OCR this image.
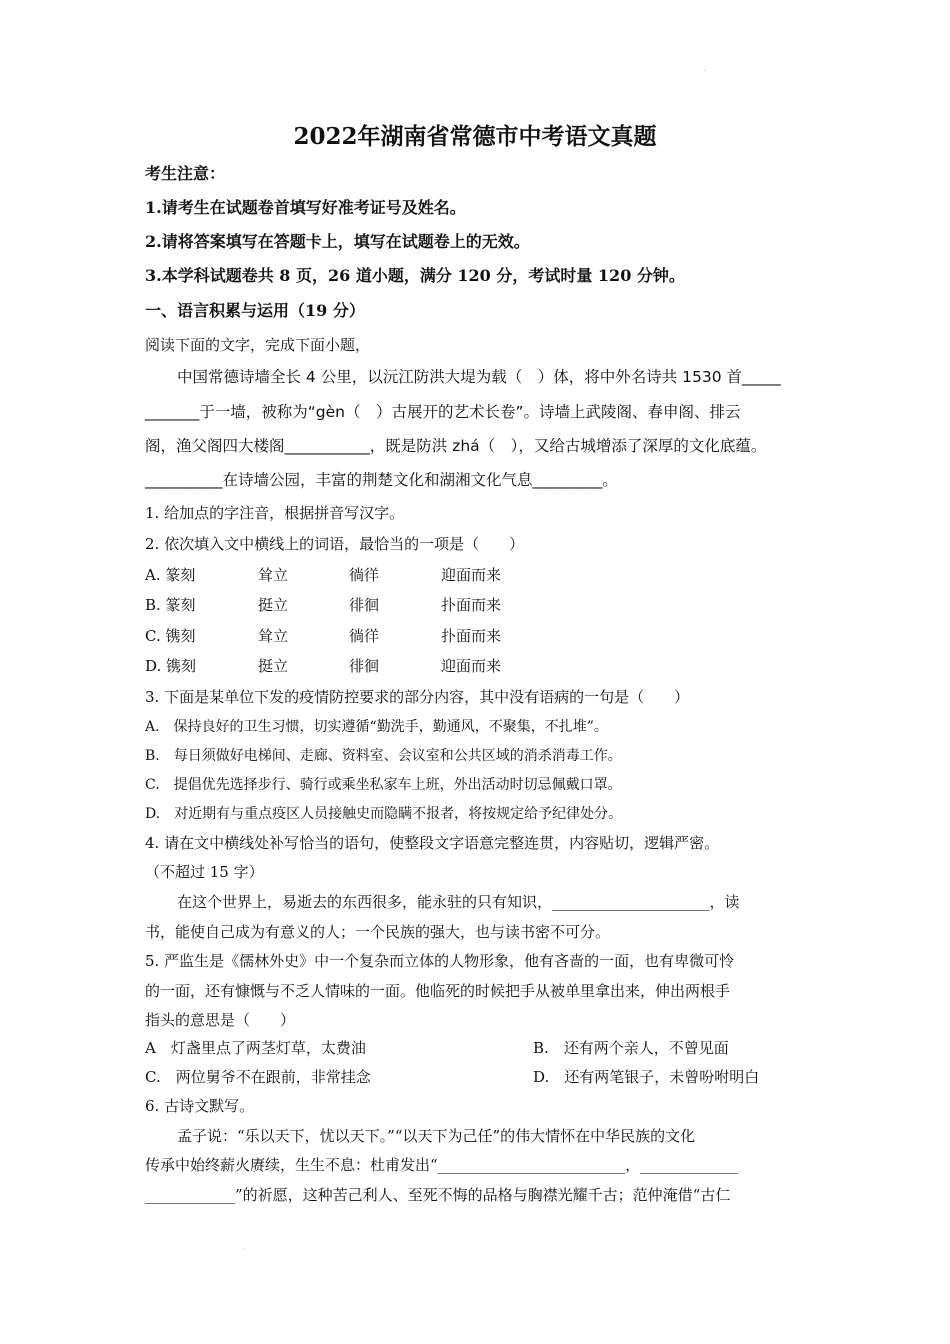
·
2022年湖南省常德市中考语文真题
考生注意：
1.请考生在试题卷首填写好准考证号及姓名。
2.请将答案填写在答题卡上，填写在试题卷上的无效。
3.本学科试题卷共 8 页，26 道小题，满分 120 分，考试时量 120 分钟。
一、语言积累与运用（19 分）
阅读下面的文字，完成下面小题，
中国常德诗墙全长 4 公里，以沅江防洪大堤为载（　）体，将中外名诗共 1530 首_____
_______于一墙，被称为“gèn（　）古展开的艺术长卷”。诗墙上武陵阁、春申阁、排云
阁，渔父阁四大楼阁___________，既是防洪 zhá（　），又给古城增添了深厚的文化底蕴。
__________在诗墙公园，丰富的荆楚文化和湖湘文化气息_________。
1. 给加点的字注音，根据拼音写汉字。
2. 依次填入文中横线上的词语，最恰当的一项是（　　）
A. 篆刻	耸立	徜徉	迎面而来
B. 篆刻	挺立	徘徊	扑面而来
C. 镌刻	耸立	徜徉	扑面而来
D. 镌刻	挺立	徘徊	迎面而来
3. 下面是某单位下发的疫情防控要求的部分内容，其中没有语病的一句是（　　）
A.　保持良好的卫生习惯，切实遵循“勤洗手，勤通风，不聚集，不扎堆”。
B.　每日须做好电梯间、走廊、资料室、会议室和公共区域的消杀消毒工作。
C.　提倡优先选择步行、骑行或乘坐私家车上班，外出活动时切忌佩戴口罩。
D.　对近期有与重点疫区人员接触史而隐瞒不报者，将按规定给予纪律处分。
4. 请在文中横线处补写恰当的语句，使整段文字语意完整连贯，内容贴切，逻辑严密。
（不超过 15 字）
在这个世界上，易逝去的东西很多，能永驻的只有知识，_____________________，读
书，能使自己成为有意义的人；一个民族的强大，也与读书密不可分。
5. 严监生是《儒林外史》中一个复杂而立体的人物形象，他有吝啬的一面，也有卑微可怜
的一面，还有慷慨与不乏人情味的一面。他临死的时候把手从被单里拿出来，伸出两根手
指头的意思是（　　）
A　灯盏里点了两茎灯草，太费油	B.　还有两个亲人，不曾见面
C.　两位舅爷不在跟前，非常挂念	D.　还有两笔银子，未曾吩咐明白
6. 古诗文默写。
孟子说：“乐以天下，忧以天下。”“以天下为己任”的伟大情怀在中华民族的文化
传承中始终薪火赓续，生生不息：杜甫发出“_________________________，_____________
____________”的祈愿，这种苦己利人、至死不悔的品格与胸襟光耀千古；范仲淹借“古仁
·
